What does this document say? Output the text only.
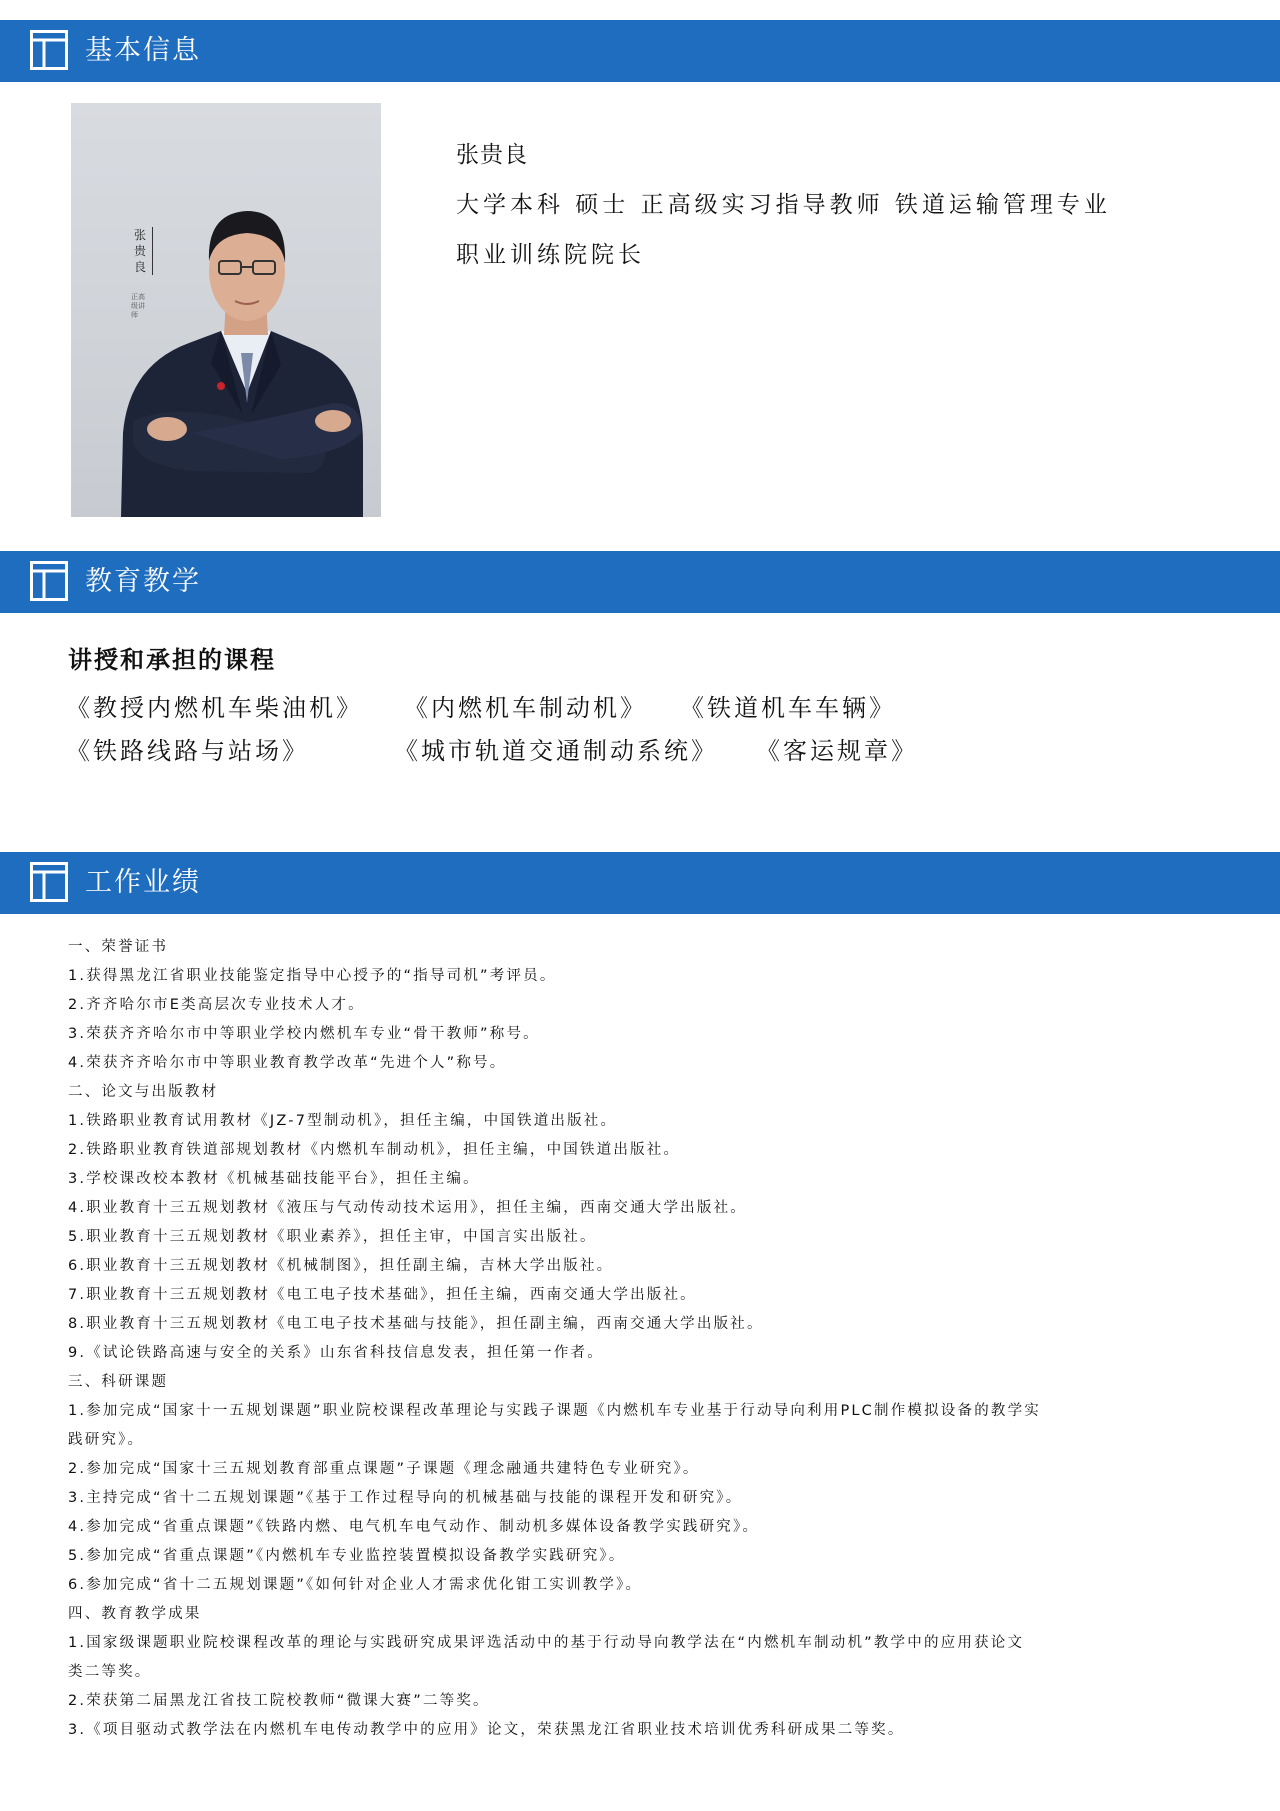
基本信息
张贵良
正高级讲师
张贵良
大学本科 硕士 正高级实习指导教师 铁道运输管理专业
职业训练院院长
教育教学
讲授和承担的课程
《教授内燃机车柴油机》 《内燃机车制动机》 《铁道机车车辆》
《铁路线路与站场》	《城市轨道交通制动系统》 《客运规章》
工作业绩
一、荣誉证书
1.获得黑龙江省职业技能鉴定指导中心授予的“指导司机”考评员。
2.齐齐哈尔市E类高层次专业技术人才。
3.荣获齐齐哈尔市中等职业学校内燃机车专业“骨干教师”称号。
4.荣获齐齐哈尔市中等职业教育教学改革“先进个人”称号。
二、论文与出版教材
1.铁路职业教育试用教材《JZ-7型制动机》，担任主编，中国铁道出版社。
2.铁路职业教育铁道部规划教材《内燃机车制动机》，担任主编，中国铁道出版社。
3.学校课改校本教材《机械基础技能平台》，担任主编。
4.职业教育十三五规划教材《液压与气动传动技术运用》，担任主编，西南交通大学出版社。
5.职业教育十三五规划教材《职业素养》，担任主审，中国言实出版社。
6.职业教育十三五规划教材《机械制图》，担任副主编，吉林大学出版社。
7.职业教育十三五规划教材《电工电子技术基础》，担任主编，西南交通大学出版社。
8.职业教育十三五规划教材《电工电子技术基础与技能》，担任副主编，西南交通大学出版社。
9.《试论铁路高速与安全的关系》山东省科技信息发表，担任第一作者。
三、科研课题
1.参加完成“国家十一五规划课题”职业院校课程改革理论与实践子课题《内燃机车专业基于行动导向利用PLC制作模拟设备的教学实
践研究》。
2.参加完成“国家十三五规划教育部重点课题”子课题《理念融通共建特色专业研究》。
3.主持完成“省十二五规划课题”《基于工作过程导向的机械基础与技能的课程开发和研究》。
4.参加完成“省重点课题”《铁路内燃、电气机车电气动作、制动机多媒体设备教学实践研究》。
5.参加完成“省重点课题”《内燃机车专业监控装置模拟设备教学实践研究》。
6.参加完成“省十二五规划课题”《如何针对企业人才需求优化钳工实训教学》。
四、教育教学成果
1.国家级课题职业院校课程改革的理论与实践研究成果评选活动中的基于行动导向教学法在“内燃机车制动机”教学中的应用获论文
类二等奖。
2.荣获第二届黑龙江省技工院校教师“微课大赛”二等奖。
3.《项目驱动式教学法在内燃机车电传动教学中的应用》论文，荣获黑龙江省职业技术培训优秀科研成果二等奖。
